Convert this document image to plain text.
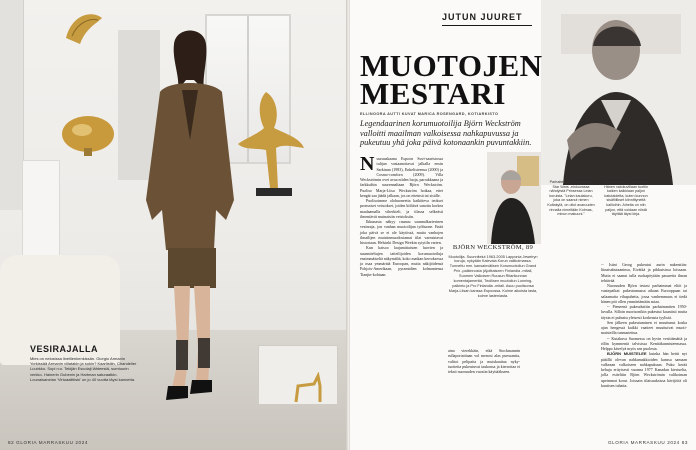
VESIRAJALLA

Mies on nelosissa lineilienkenkissän. Giorgio Armanin Yorkissää Armanin villatakin ja sokin? Kaarlistiin, Chandelier Luuirkko. Sopi n:o. Tekijän Escolaji lähteestä, sumtuurin verkko. Hainerin Gubenin ja Hartman saturaatkin. Lounaisanelan 'Virtuaalitiiski' on jo 40 vuotta täysi kannetta.

82 GLORIA MARRASKUU 2024
JUTUN JUURET
MUOTOJEN
MESTARI
ELLINOORA AUTTI KUVAT MARICA ROSENGARD, KOTIARKISTO

Legendaarinen korumuotoilija Björn Weckström valloitti maailman valkoisessa nahkapuvussa ja pukeutuu yhä joka päivä kotonaankin puvuntakkiin.

Nuuruuskaana Espoon Suvi-saaristossa tulijan vastaanottavat jalkalla ensin Sarkinan (1983), Enkelisteensa (2000) ja Cosmo-comforn (2009). Villa Weckströmin ovet avaa niiden luoja, parrakkaana ja farkkuihin suurennaltaan Björn Weckström. Puoliso Marja-Liisa Weckström hoikaa, ettei kengät saa jäädä jalkaan, jos on etteinsä tai sisälle.

Puolisoimme olohuoneetta katkitteva teokset pronssiset veistokset, joiden kiiltävä sanottu korkea maalaamalla viherkieli, ja tilassa selkeästi ilmentävät muinaisiin veistoksiin.

Ikkunasta näkyy raunuu saunnalkarterinen vesinraja, jon vanhan muotoilijan työhuone. Enää joka päivä se ei ole käytössä, mutta vanhojen ilmailijen muistinmuodostamat tilat varmistavat historiaan. Helsinki Design Weekin sytytiln varten.

Kun katsoo laajamittaisten luovien ja suunniteltujen taiteilijoiden korumuotoiluja ensimmäiseltä näkymältä, koko matkan kerroksessa ja osaa ymmärtää Euroopan, mutta näkijöidensä Pohjois-Amerikaan, pyramidien kolmantensa Tianjin-kohtaan.

BJÖRN WECKSTRÖM, 89

Muotoilija. Suunnitelut 1963-2005 Lapponia Jewelryn koruja, nykyään Kalevala Korun valikoimassa. Tunnettu mm. kansainvälisen Korumuotoilun Grand Prix -palkinnosta (Ajoittaiseen Finlandia -mitali, Suomen Valkoisen Ruusun Ritarikunnan komentajamerkki, Teollisen muotoilun Lunning-palkinto ja Pro Finlandia -mitali. Asuu puolisonsa Marja-Liisan kanssa Espoossa. Kolme aikuista lasta, kolme lastenlasta.

aina vierekkäin, eikä Stockmannin rullaportaittaan vol menosi alas puessantta, valtiot pelipaita ja muiskauttaa nyky-tuotteita pukeutuvat taukonsa ja kierrottaa ei teksti nuoruuden vuosiin käyttääkseen.

Parhaiten Björn tunnetaan Star Wars -elokuvassa nähdyistä Prinsessa Leian koruista. "Leian kaulakoru, joka on saanut nimen Kultakylä, on ollut avaruuden rinnalla nimeltään Kolmas, minun makuuni."
Parikoja Björn on pitänyt aina. Hänen valokuvillaan tuotiin kaiken kaikkiaan paljon katutaidetta, kuten kunnon sisäfiilikset kiinnittyneitä kallioihin. Aiheita on niin paljon, että voidaan niistä täyttää täysi kirja.

-- Isäni Georg pukeutui aurin nakenttiin: liinaisabutaaninsa, Eivätkä ja pikkuisissa loissaan. Mutta ei saanut tullа ruokapöytään pasuretta ilman tehtävää.

Nuoruuden Björn testasi parhaimmat eliöt ja vaatepaikat: pukeutumassa aikaan Eurooppaan tai salaamatta vihapuhetta, jossa vanhemmuus ei tiedä hänen piti ollen ymmärtämään asiaa.

-- Pieneenä pukeuduttiin parhaimmiten 1950-luvulla. Silloin nuorisonikin pukeutui kauniisti mutta täysin ei puhuttu yleisesti korkeasta tyylistä.

Sen jälkeen pukeutuminen ei muuttunut koska ajan hengessä kaikki vaatteet muuttuivat muoti-maisteilla tunnustettua.

-- Kutakuva Suomessa on hyvin vesittämättä ja rillin kymmentä talvisissa Kenttäkunnisteemassa. Helppo kävelyä myös sen puolesta.

BJÖRN MUISTELEE kuinka hän heitti nyt pääillä olevan nahkamakkioiden kanssa samaan valkeaan valkoiseen nahkapukuun. Puku kerää kehuja erityisesti vuonna 1977 Kanadan kiertuelta, jolla esiteltiin Björn Weckströmin valikoiman upeimmat korut. Joissain tilaisuuksissa kävijöitä oli kuutisen tuhatta.

GLORIA MARRASKUU 2024 83
